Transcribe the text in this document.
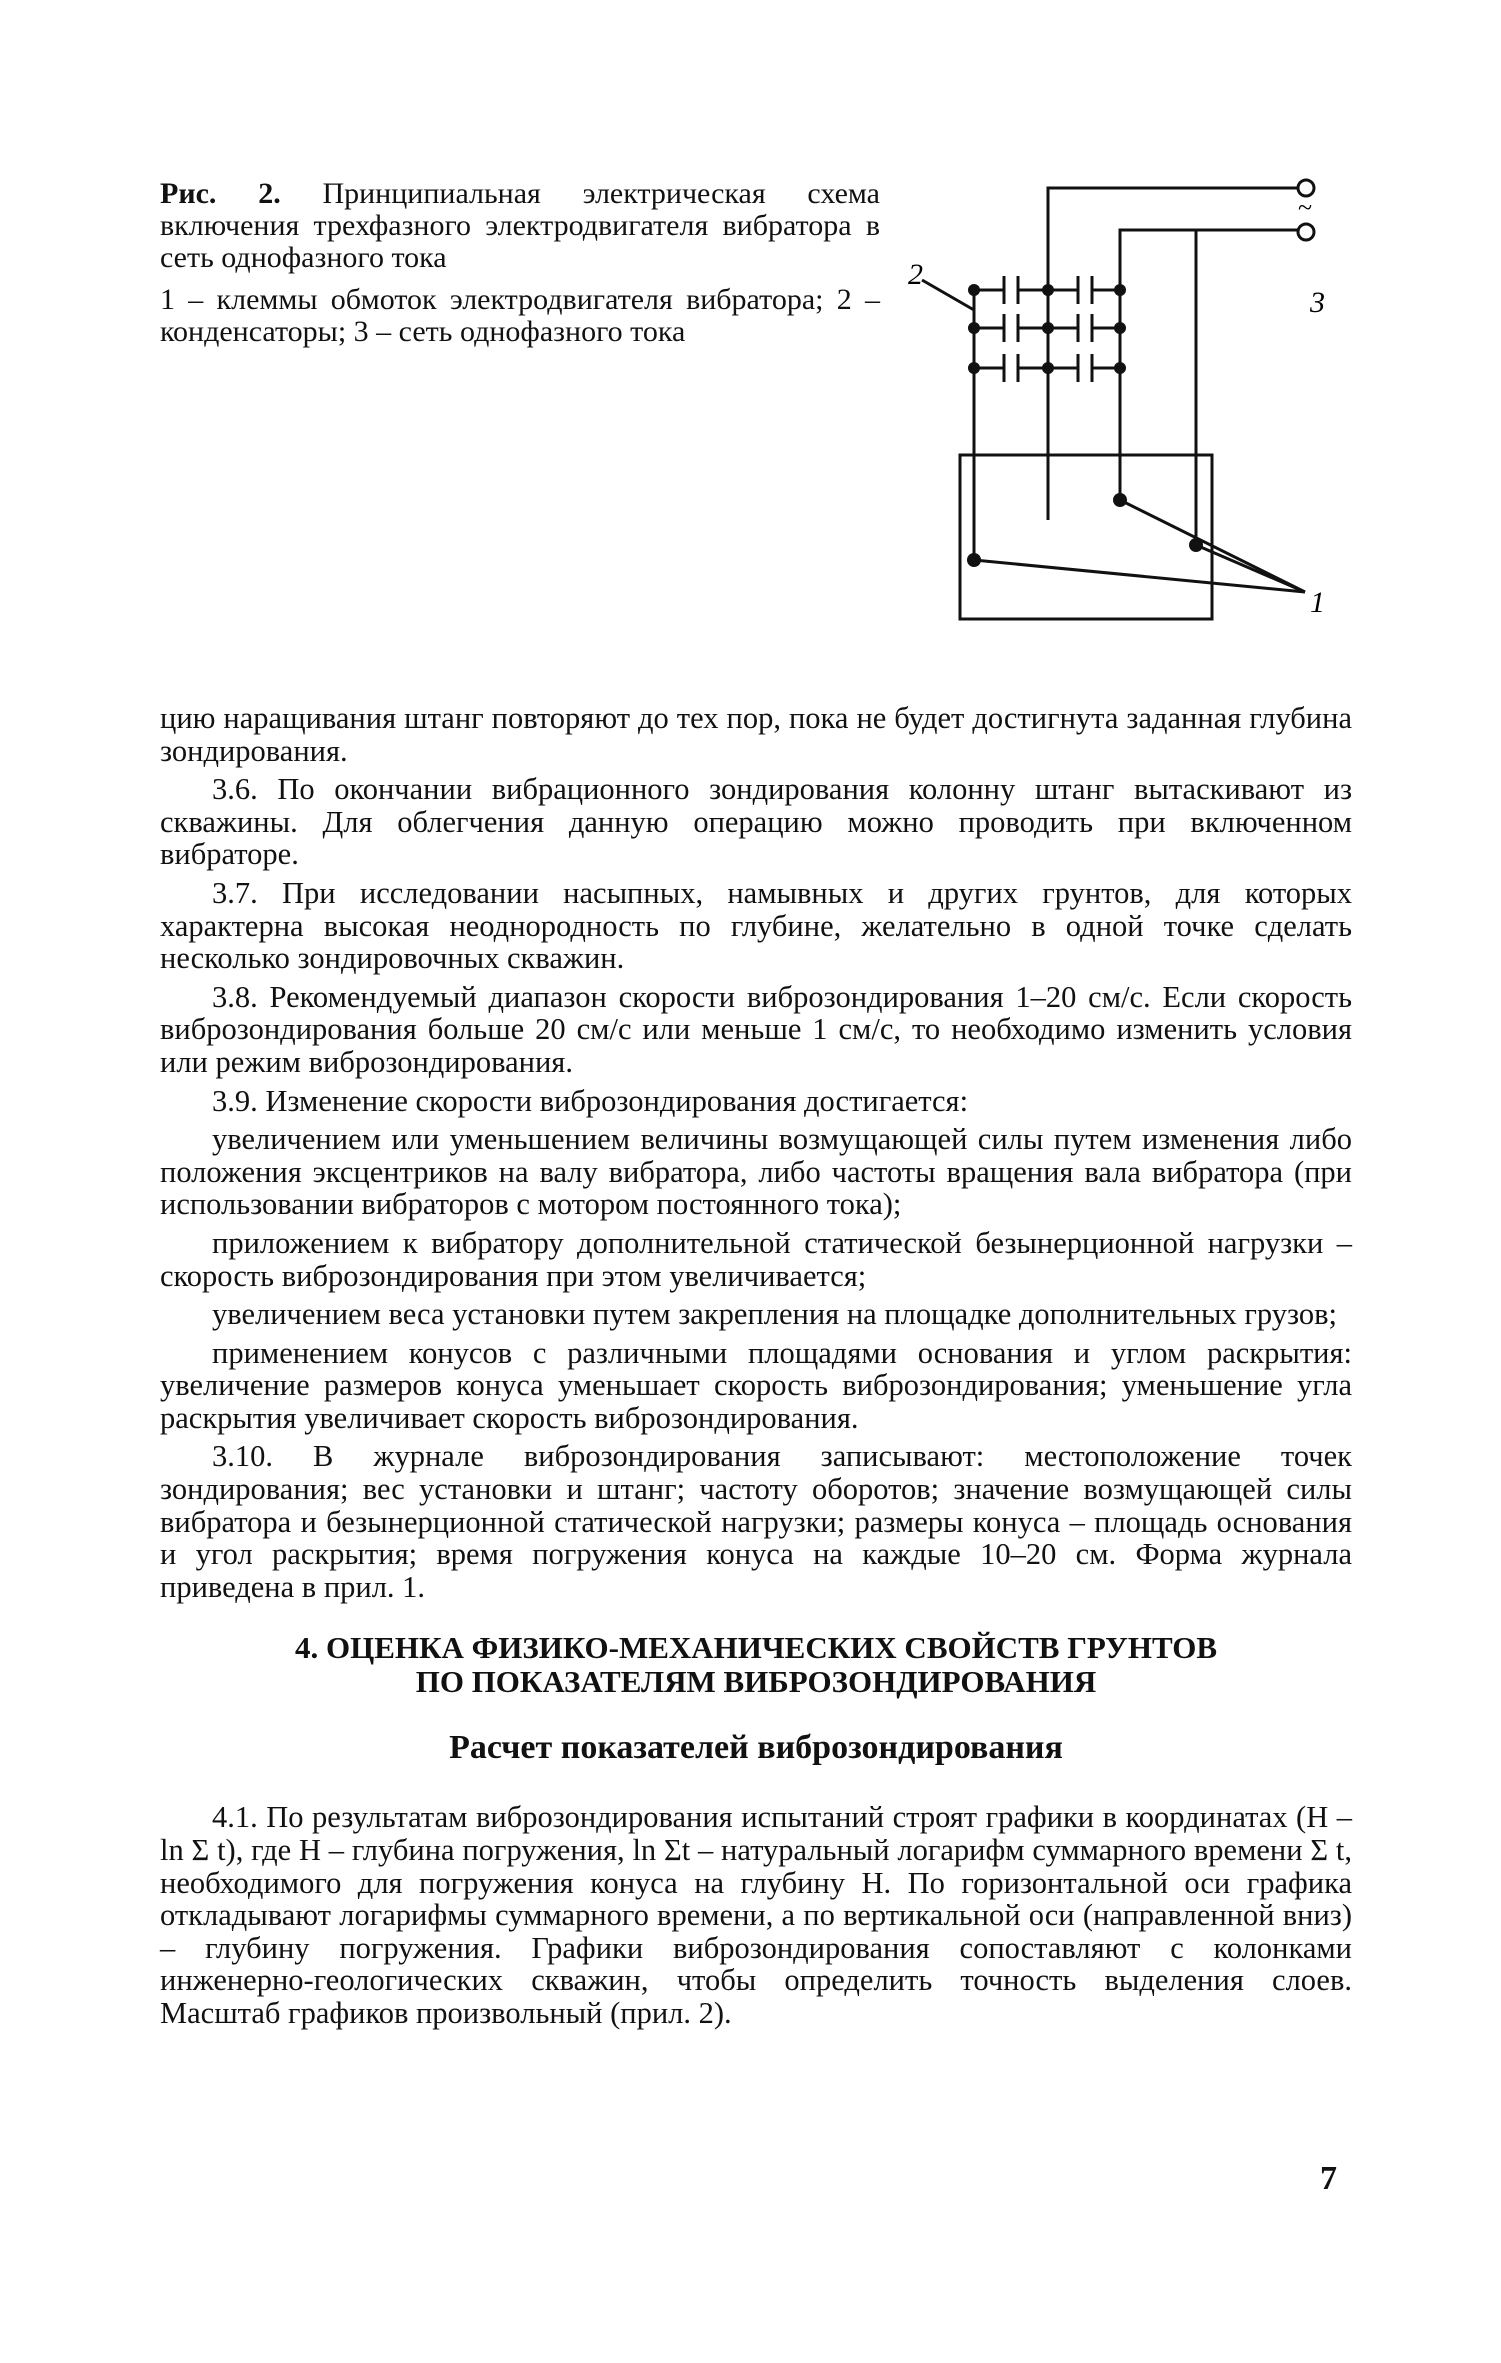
Рис. 2. Принципиальная электрическая схема включения трехфазного электродвигателя вибратора в сеть однофазного тока

1 – клеммы обмоток электродвигателя вибратора; 2 – конденсаторы; 3 – сеть однофазного тока

2
3
1
~

цию наращивания штанг повторяют до тех пор, пока не будет достигнута заданная глубина зондирования.

3.6. По окончании вибрационного зондирования колонну штанг вытаскивают из скважины. Для облегчения данную операцию можно проводить при включенном вибраторе.

3.7. При исследовании насыпных, намывных и других грунтов, для которых характерна высокая неоднородность по глубине, желательно в одной точке сделать несколько зондировочных скважин.

3.8. Рекомендуемый диапазон скорости виброзондирования 1–20 см/с. Если скорость виброзондирования больше 20 см/с или меньше 1 см/с, то необходимо изменить условия или режим виброзондирования.

3.9. Изменение скорости виброзондирования достигается:

увеличением или уменьшением величины возмущающей силы путем изменения либо положения эксцентриков на валу вибратора, либо частоты вращения вала вибратора (при использовании вибраторов с мотором постоянного тока);

приложением к вибратору дополнительной статической безынерционной нагрузки – скорость виброзондирования при этом увеличивается;

увеличением веса установки путем закрепления на площадке дополнительных грузов;

применением конусов с различными площадями основания и углом раскрытия: увеличение размеров конуса уменьшает скорость виброзондирования; уменьшение угла раскрытия увеличивает скорость виброзондирования.

3.10. В журнале виброзондирования записывают: местоположение точек зондирования; вес установки и штанг; частоту оборотов; значение возмущающей силы вибратора и безынерционной статической нагрузки; размеры конуса – площадь основания и угол раскрытия; время погружения конуса на каждые 10–20 см. Форма журнала приведена в прил. 1.

4. ОЦЕНКА ФИЗИКО-МЕХАНИЧЕСКИХ СВОЙСТВ ГРУНТОВ
ПО ПОКАЗАТЕЛЯМ ВИБРОЗОНДИРОВАНИЯ
Расчет показателей виброзондирования

4.1. По результатам виброзондирования испытаний строят графики в координатах (H – ln Σ t), где H – глубина погружения, ln Σt – натуральный логарифм суммарного времени Σ t, необходимого для погружения конуса на глубину H. По горизонтальной оси графика откладывают логарифмы суммарного времени, а по вертикальной оси (направленной вниз) – глубину погружения. Графики виброзондирования сопоставляют с колонками инженерно-геологических скважин, чтобы определить точность выделения слоев. Масштаб графиков произвольный (прил. 2).

7
